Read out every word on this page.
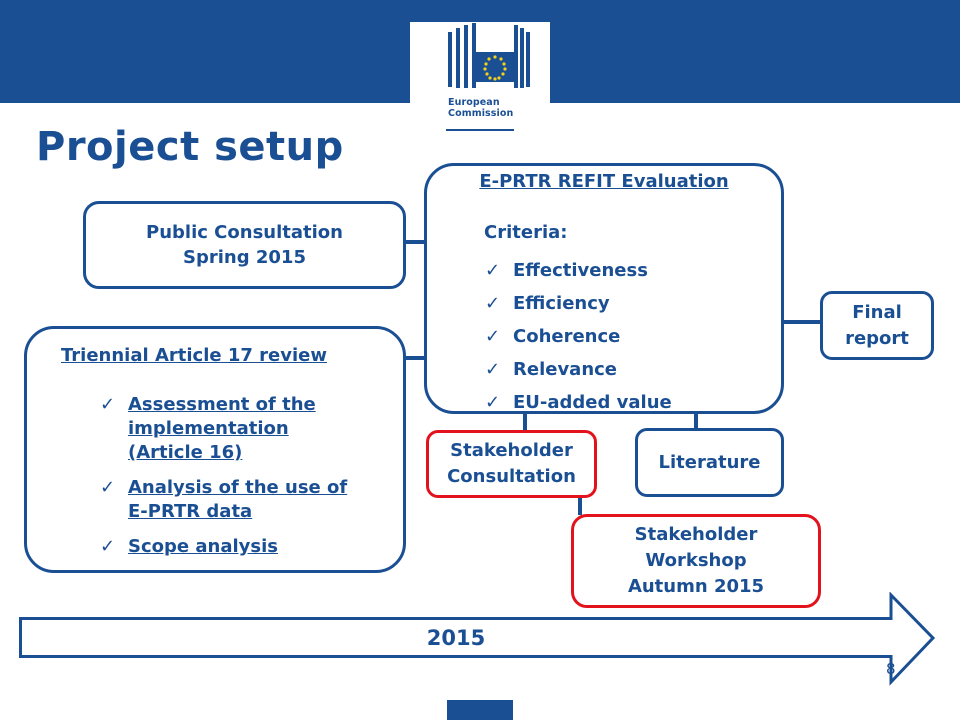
European
Commission
Project setup
Public Consultation
Spring 2015
E-PRTR REFIT Evaluation
Criteria:
✓ Effectiveness
✓ Efficiency
✓ Coherence
✓ Relevance
✓ EU-added value
Triennial Article 17 review
✓ Assessment of the
implementation
(Article 16)
✓ Analysis of the use of
E-PRTR data
✓ Scope analysis
Stakeholder
Consultation
Literature
Stakeholder
Workshop
Autumn 2015
Final
report
2015
8
